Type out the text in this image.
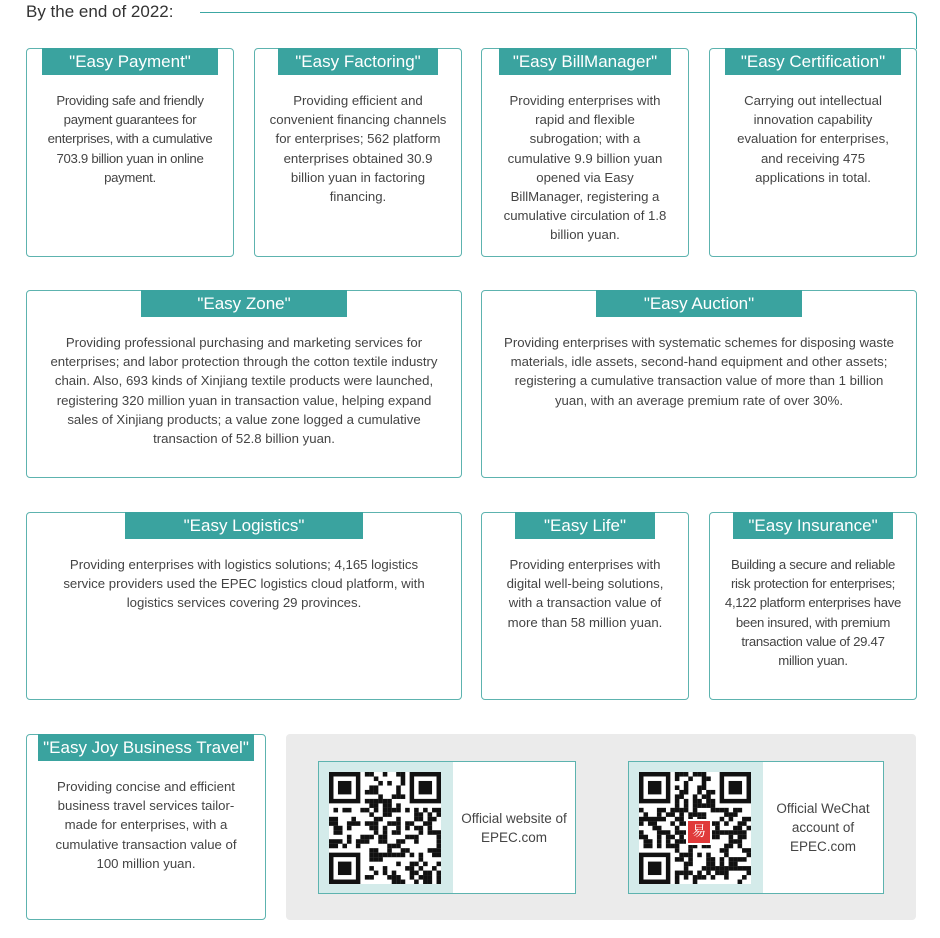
By the end of 2022:
"Easy Payment"
Providing safe and friendly payment guarantees for enterprises, with a cumulative 703.9 billion yuan in online payment.
"Easy Factoring"
Providing efficient and convenient financing channels for enterprises; 562 platform enterprises obtained 30.9 billion yuan in factoring financing.
"Easy BillManager"
Providing enterprises with rapid and flexible subrogation; with a cumulative 9.9 billion yuan opened via Easy BillManager, registering a cumulative circulation of 1.8 billion yuan.
"Easy Certification"
Carrying out intellectual innovation capability evaluation for enterprises, and receiving 475 applications in total.
"Easy Zone"
Providing professional purchasing and marketing services for enterprises; and labor protection through the cotton textile industry chain. Also, 693 kinds of Xinjiang textile products were launched, registering 320 million yuan in transaction value, helping expand sales of Xinjiang products; a value zone logged a cumulative transaction of 52.8 billion yuan.
"Easy Auction"
Providing enterprises with systematic schemes for disposing waste materials, idle assets, second-hand equipment and other assets; registering a cumulative transaction value of more than 1 billion yuan, with an average premium rate of over 30%.
"Easy Logistics"
Providing enterprises with logistics solutions; 4,165 logistics service providers used the EPEC logistics cloud platform, with logistics services covering 29 provinces.
"Easy Life"
Providing enterprises with digital well-being solutions, with a transaction value of more than 58 million yuan.
"Easy Insurance"
Building a secure and reliable risk protection for enterprises; 4,122 platform enterprises have been insured, with premium transaction value of 29.47 million yuan.
"Easy Joy Business Travel"
Providing concise and efficient business travel services tailor-made for enterprises, with a cumulative transaction value of 100 million yuan.
Official website of EPEC.com	易
Official WeChat account of EPEC.com
